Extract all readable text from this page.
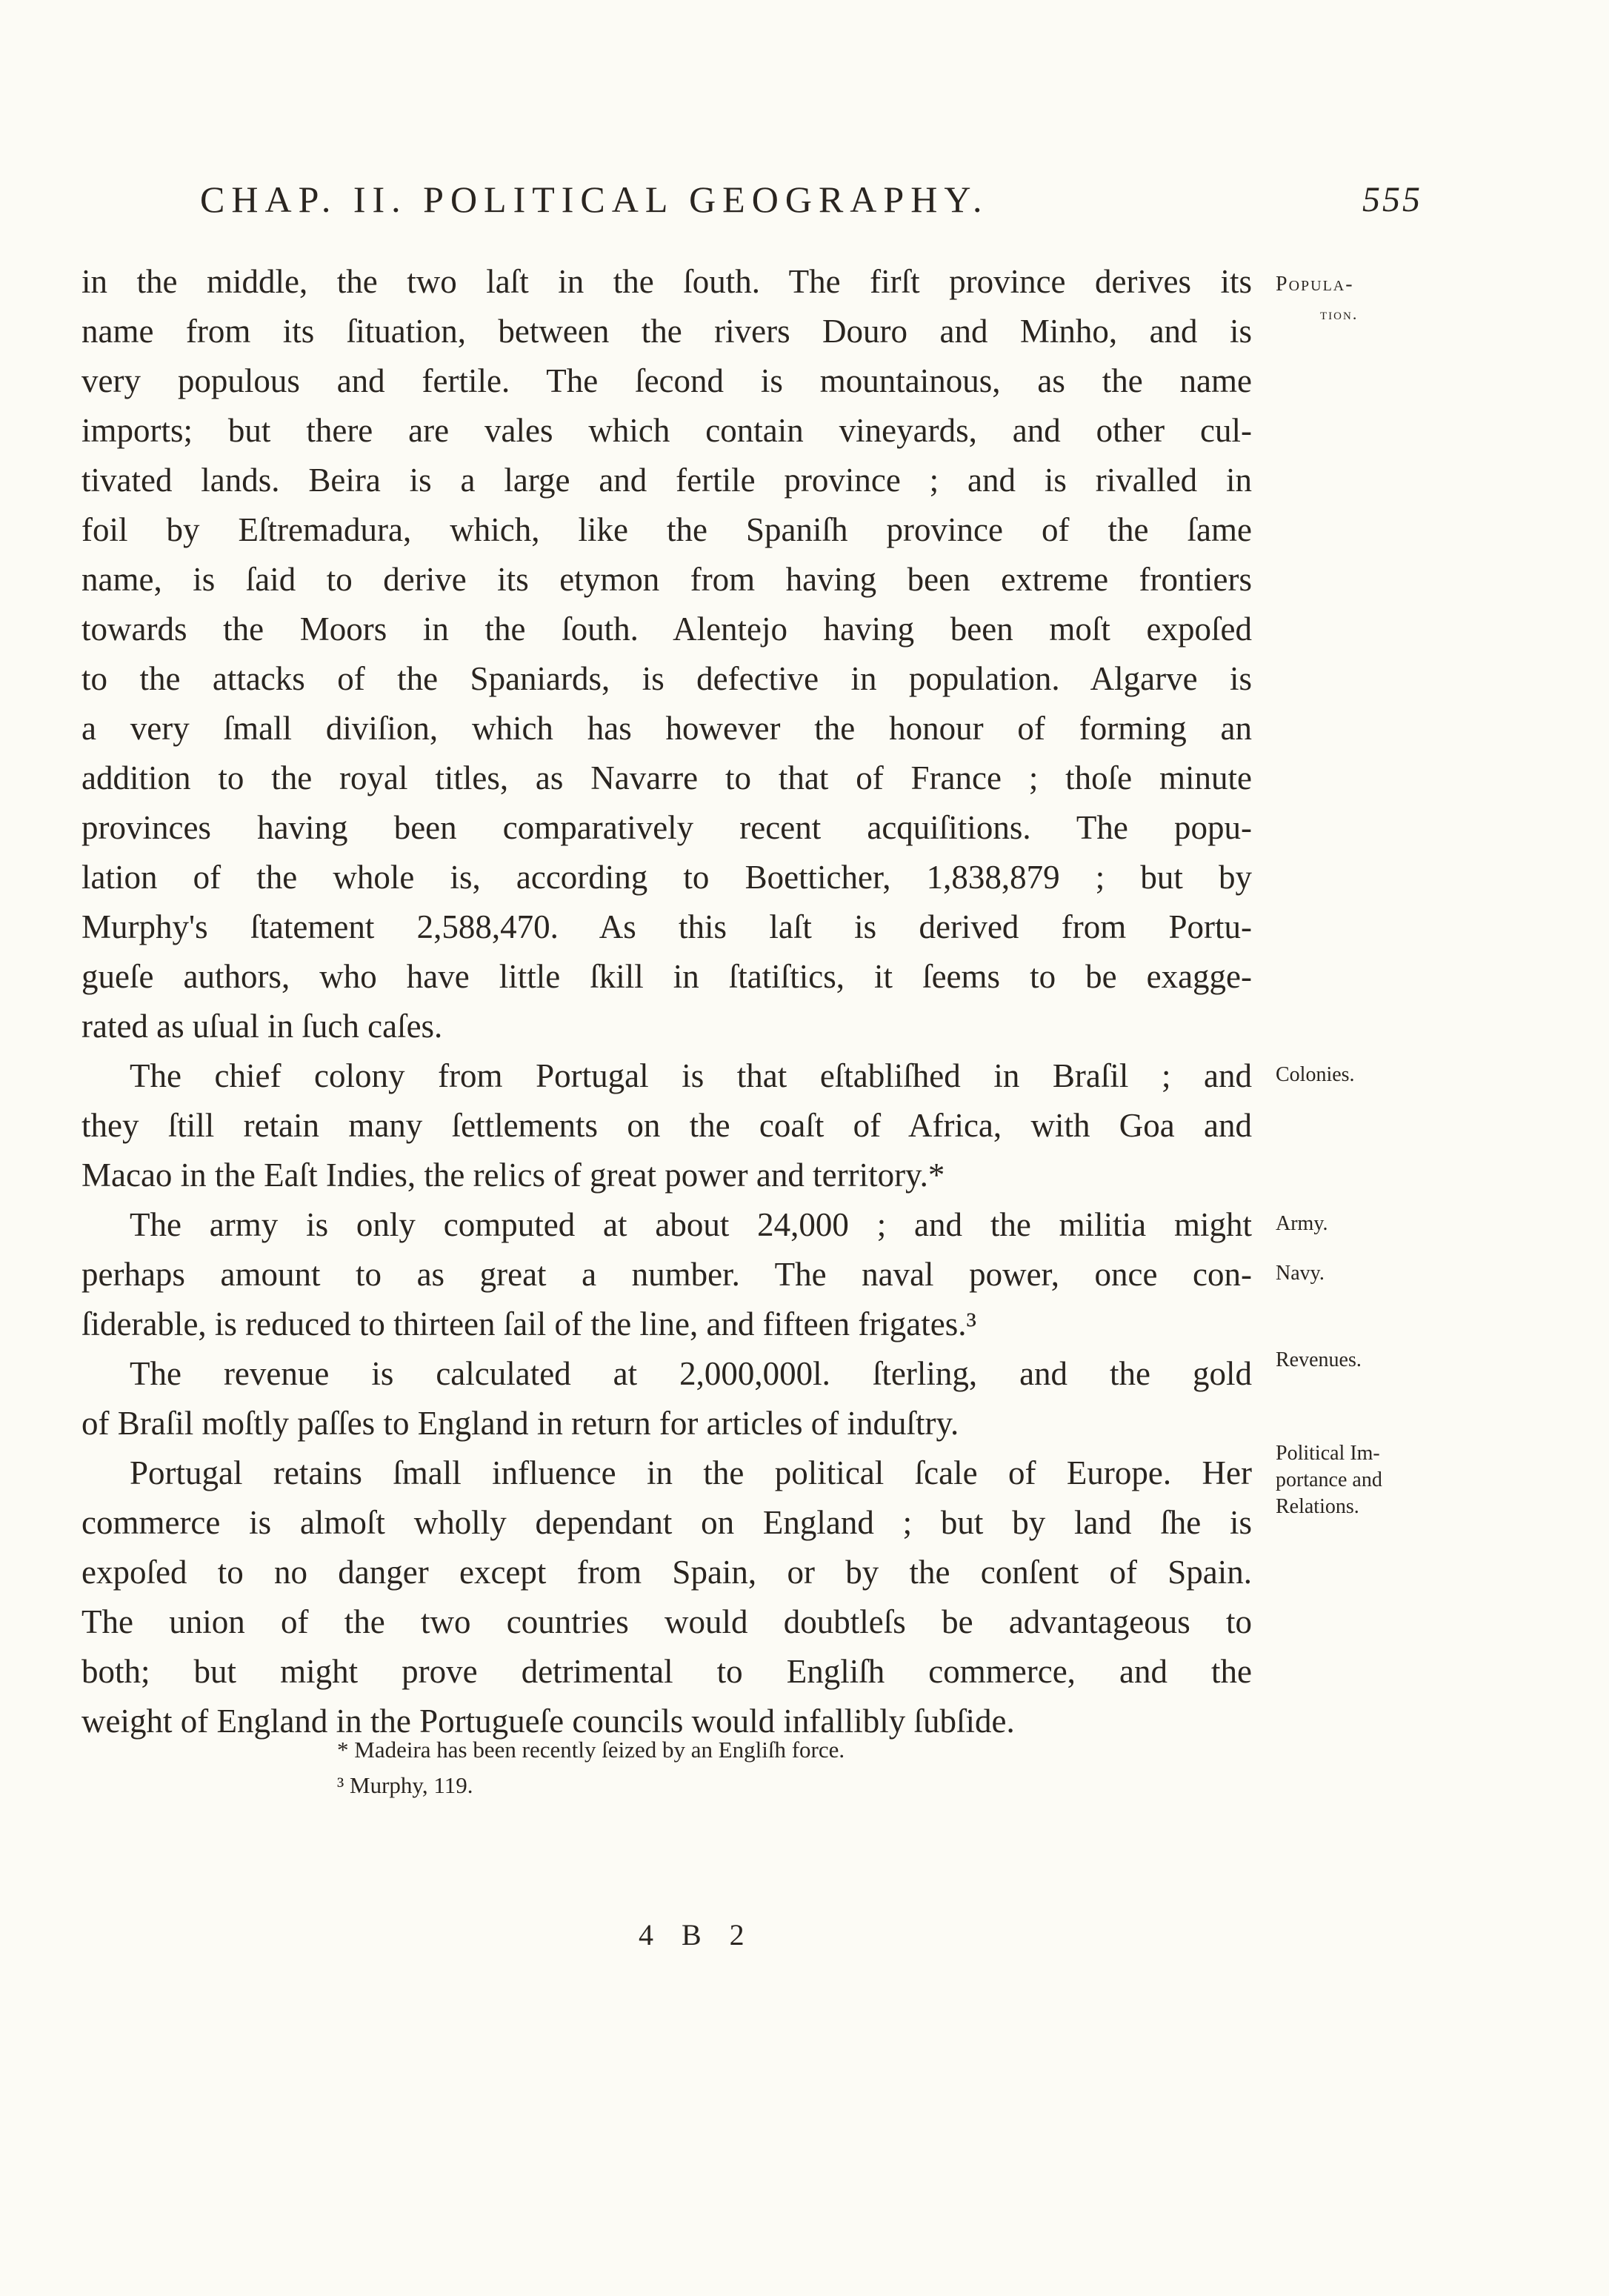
CHAP. II. POLITICAL GEOGRAPHY.	555
in the middle, the two laſt in the ſouth. The firſt province derives its
name from its ſituation, between the rivers Douro and Minho, and is
very populous and fertile. The ſecond is mountainous, as the name
imports; but there are vales which contain vineyards, and other cul-
tivated lands. Beira is a large and fertile province ; and is rivalled in
foil by Eſtremadura, which, like the Spaniſh province of the ſame
name, is ſaid to derive its etymon from having been extreme frontiers
towards the Moors in the ſouth. Alentejo having been moſt expoſed
to the attacks of the Spaniards, is defective in population. Algarve is
a very ſmall diviſion, which has however the honour of forming an
addition to the royal titles, as Navarre to that of France ; thoſe minute
provinces having been comparatively recent acquiſitions. The popu-
lation of the whole is, according to Boetticher, 1,838,879 ; but by
Murphy's ſtatement 2,588,470. As this laſt is derived from Portu-
gueſe authors, who have little ſkill in ſtatiſtics, it ſeems to be exagge-
rated as uſual in ſuch caſes.
The chief colony from Portugal is that eſtabliſhed in Braſil ; and
they ſtill retain many ſettlements on the coaſt of Africa, with Goa and
Macao in the Eaſt Indies, the relics of great power and territory.*
The army is only computed at about 24,000 ; and the militia might
perhaps amount to as great a number. The naval power, once con-
ſiderable, is reduced to thirteen ſail of the line, and fifteen frigates.³
The revenue is calculated at 2,000,000l. ſterling, and the gold
of Braſil moſtly paſſes to England in return for articles of induſtry.
Portugal retains ſmall influence in the political ſcale of Europe. Her
commerce is almoſt wholly dependant on England ; but by land ſhe is
expoſed to no danger except from Spain, or by the conſent of Spain.
The union of the two countries would doubtleſs be advantageous to
both; but might prove detrimental to Engliſh commerce, and the
weight of England in the Portugueſe councils would infallibly ſubſide.
Popula-
tion.
Colonies.
Army.
Navy.
Revenues.
Political Im-
portance and
Relations.
* Madeira has been recently ſeized by an Engliſh force.
³ Murphy, 119.
4 B 2
